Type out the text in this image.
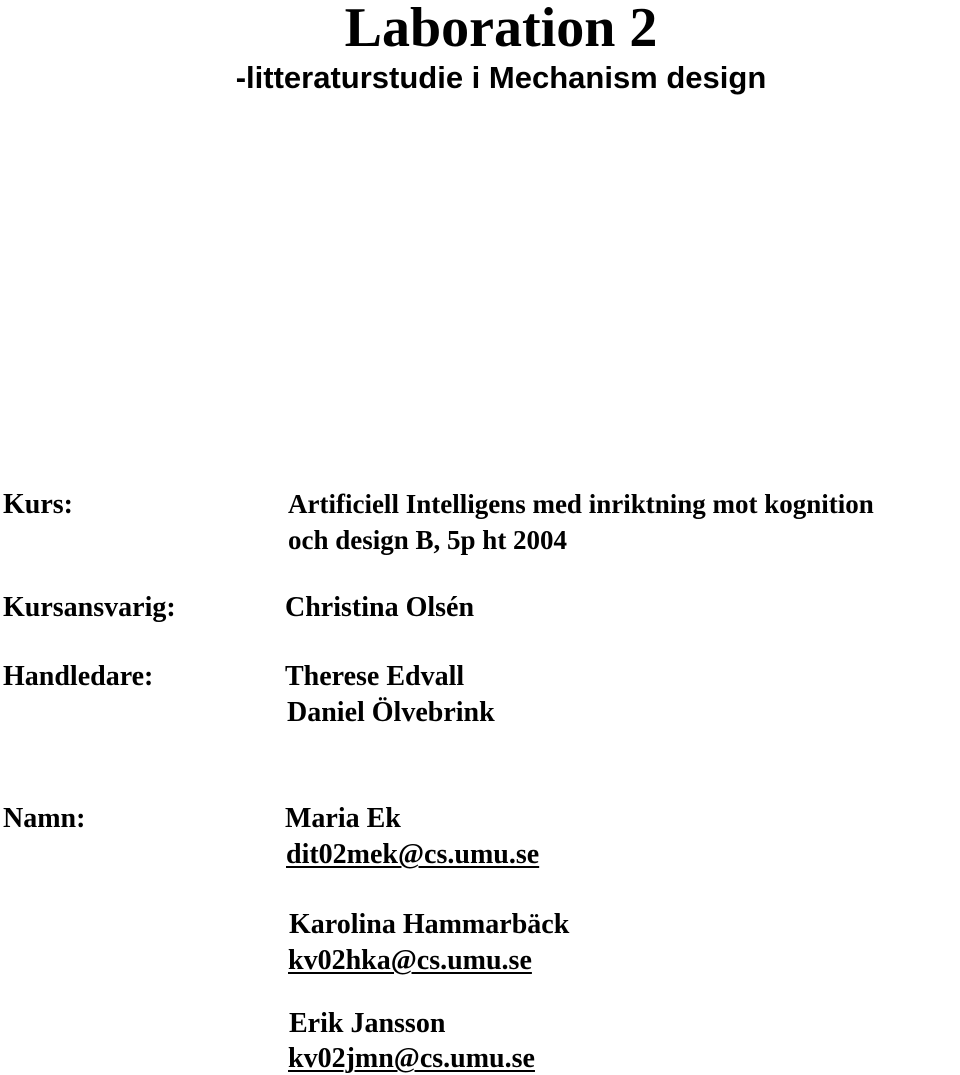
Laboration 2
-litteraturstudie i Mechanism design
Kurs:	Artificiell Intelligens med inriktning mot kognition
och design B, 5p ht 2004
Kursansvarig:	Christina Olsén
Handledare:	Therese Edvall
Daniel Ölvebrink
Namn:	Maria Ek
dit02mek@cs.umu.se
Karolina Hammarbäck
kv02hka@cs.umu.se
Erik Jansson
kv02jmn@cs.umu.se
